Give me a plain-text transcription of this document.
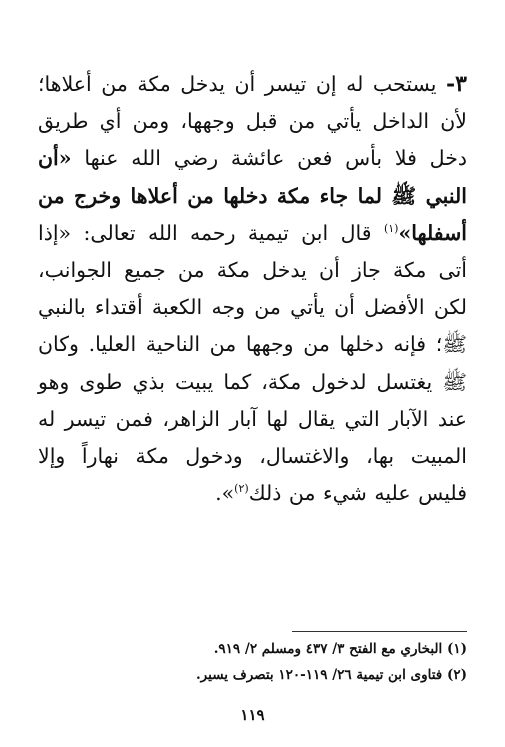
٣- يستحب له إن تيسر أن يدخل مكة من أعلاها؛ لأن الداخل يأتي من قبل وجهها، ومن أي طريق دخل فلا بأس فعن عائشة رضي الله عنها «أن النبي ﷺ لما جاء مكة دخلها من أعلاها وخرج من أسفلها»$^{(١)}$ قال ابن تيمية رحمه الله تعالى: «إذا أتى مكة جاز أن يدخل مكة من جميع الجوانب، لكن الأفضل أن يأتي من وجه الكعبة أقتداء بالنبي ﷺ؛ فإنه دخلها من وجهها من الناحية العليا. وكان ﷺ يغتسل لدخول مكة، كما يبيت بذي طوى وهو عند الآبار التي يقال لها آبار الزاهر، فمن تيسر له المبيت بها، والاغتسال، ودخول مكة نهاراً وإلا فليس عليه شيء من ذلك$^{(٢)}$».
(١) البخاري مع الفتح ٣/ ٤٣٧ ومسلم ٢/ ٩١٩.
(٢) فتاوى ابن تيمية ٢٦/ ١١٩-١٢٠ بتصرف يسير.
١١٩
